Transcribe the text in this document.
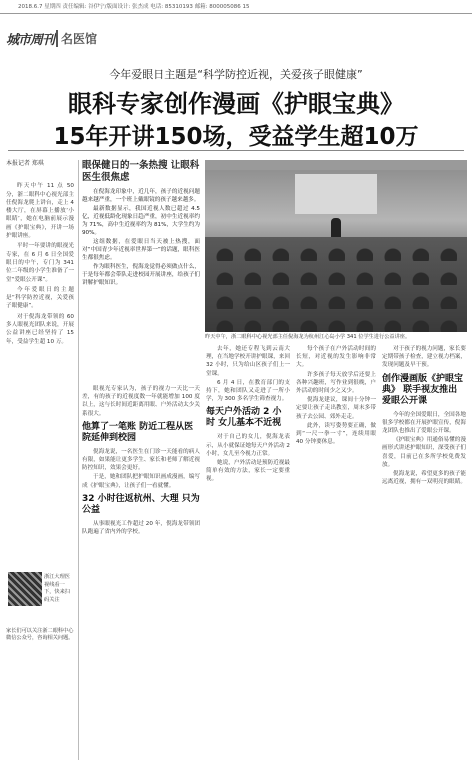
2018.6.7 星期四 责任编辑: 谷伊宁/版面设计: 张杰成 电话: 85310193 邮箱: 800005086 15
城市周刊 名医馆
今年爱眼日主题是“科学防控近视，关爱孩子眼健康”
眼科专家创作漫画《护眼宝典》
15年开讲150场，受益学生超10万
本报记者 郑琪

昨天中午 11 点 50 分，浙二眼科中心视光部主任倪海龙爬上讲台，走上 4 楼大厅，在屏幕上播放‘小眼睛’，她在电脑前展示漫画《护眼宝典》，开讲一场护眼讲座。

平时一年要讲的眼视光专家，在 6 月 6 日全国爱眼日的中午，专门为 341 位二年级的小学生准备了一堂“爱眼公开课”。

今年爱眼日的主题是“科学防控近视，关爱孩子眼健康”。

对于倪海龙带领的 60 多人眼视光团队来说，开展公益讲座已经坚持了 15 年，受益学生超 10 万。

浙江大理医视线看一下，快来扫码关注
家长们可以关注浙二眼科中心微信公众号，咨询相关问题。
眼保健日的一条热搜 让眼科医生很焦虑

在倪海龙印象中，近几年，孩子的近视问题越来越严重，一个班上戴眼镜的孩子越来越多。

最新数据显示，我国近视人数已超过 4.5 亿，近视低龄化现象日趋严重，初中生近视率约为 71%，高中生近视率约为 81%，大学生约为 90%。

这组数据，在爱眼日当天被上热搜，面对“中国青少年近视率世界第一”的话题，眼科医生都很焦虑。

作为眼科医生，倪海龙觉得必须做点什么，于是每年都会带队走进校园开展讲座，给孩子们讲解护眼知识。

昨天中午，浙二眼科中心视光部主任倪海龙为杭州江心岛小学 341 位学生进行公益讲座。

眼视光专家认为，孩子的视力一天比一天差，有的孩子的近视度数一年就能增加 100 度以上，这与长时间近距离用眼、户外活动太少关系很大。

他算了一笔账 防近工程从医院延伸到校园

倪海龙说，一名医生在门诊一天能看的病人有限，如果能让更多学生、家长和老师了解近视防控知识，效果会更好。

于是，她和团队把护眼知识画成漫画，编写成《护眼宝典》，让孩子们一看就懂。

32 小时往返杭州、大理 只为公益

从事眼视光工作超过 20 年，倪海龙带领团队跑遍了省内外的学校。

去年，她还专程飞到云南大理，在当地学校开讲护眼课，来回 32 小时，只为给山区孩子们上一堂课。

6 月 4 日，在教育部门的支持下，她和团队又走进了一所小学，为 300 多名学生筛查视力。

每天户外活动 2 小时 女儿基本不近视

对于自己的女儿，倪海龙表示，从小就保证她每天户外活动 2 小时，女儿至今视力正常。

她说，户外活动是预防近视最简单有效的方法，家长一定要重视。

每个孩子在户外活动时间的长短，对近视的发生影响非常大。

许多孩子每天放学后还要上各种兴趣班，写作业到很晚，户外活动的时间少之又少。

倪海龙建议，课间十分钟一定要让孩子走出教室，周末多带孩子去公园、郊外走走。

此外，读写姿势要正确，做到“一尺一拳一寸”，连续用眼 40 分钟要休息。

对于孩子的视力问题，家长要定期带孩子检查，建立视力档案，发现问题及早干预。

创作漫画版《护眼宝典》 联手视友推出爱眼公开课

今年的全国爱眼日，全国各地很多学校都在开展护眼宣传，倪海龙团队也推出了爱眼公开课。

《护眼宝典》用通俗易懂的漫画形式讲述护眼知识，深受孩子们喜爱，目前已在多所学校免费发放。

倪海龙说，希望更多的孩子能远离近视，拥有一双明亮的眼睛。
